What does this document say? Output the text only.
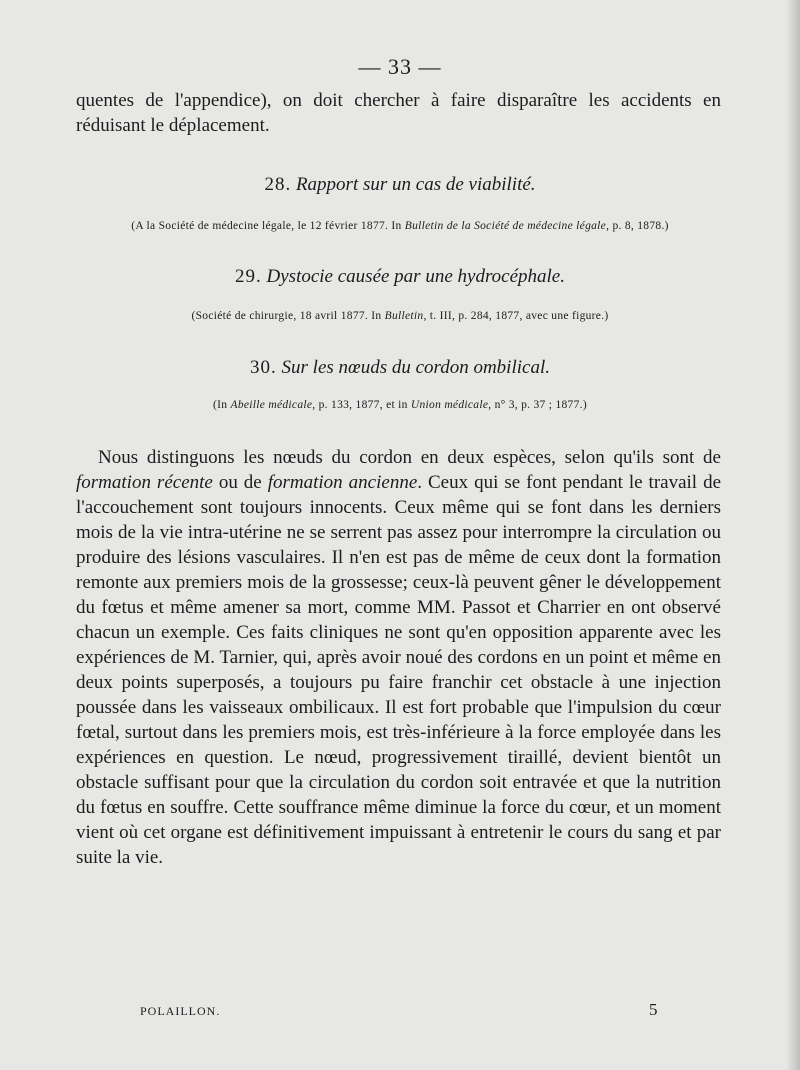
— 33 —
quentes de l'appendice), on doit chercher à faire disparaître les accidents en
réduisant le déplacement.
28. Rapport sur un cas de viabilité.
(A la Société de médecine légale, le 12 février 1877. In Bulletin de la Société de médecine légale, p. 8, 1878.)
29. Dystocie causée par une hydrocéphale.
(Société de chirurgie, 18 avril 1877. In Bulletin, t. III, p. 284, 1877, avec une figure.)
30. Sur les nœuds du cordon ombilical.
(In Abeille médicale, p. 133, 1877, et in Union médicale, n° 3, p. 37 ; 1877.)

Nous distinguons les nœuds du cordon en deux espèces, selon qu'ils sont de formation récente ou de formation ancienne. Ceux qui se font pendant le travail de l'accouchement sont toujours innocents. Ceux même qui se font dans les derniers mois de la vie intra-utérine ne se serrent pas assez pour interrompre la circulation ou produire des lésions vasculaires. Il n'en est pas de même de ceux dont la formation remonte aux premiers mois de la grossesse; ceux-là peuvent gêner le développement du fœtus et même amener sa mort, comme MM. Passot et Charrier en ont observé chacun un exemple. Ces faits cliniques ne sont qu'en opposition apparente avec les expériences de M. Tarnier, qui, après avoir noué des cordons en un point et même en deux points superposés, a toujours pu faire franchir cet obstacle à une injection poussée dans les vaisseaux ombilicaux. Il est fort probable que l'impulsion du cœur fœtal, surtout dans les premiers mois, est très-inférieure à la force employée dans les expériences en question. Le nœud, progressivement tiraillé, devient bientôt un obstacle suffisant pour que la circulation du cordon soit entravée et que la nutrition du fœtus en souffre. Cette souffrance même diminue la force du cœur, et un moment vient où cet organe est définitivement impuissant à entretenir le cours du sang et par suite la vie.

POLAILLON.	5
